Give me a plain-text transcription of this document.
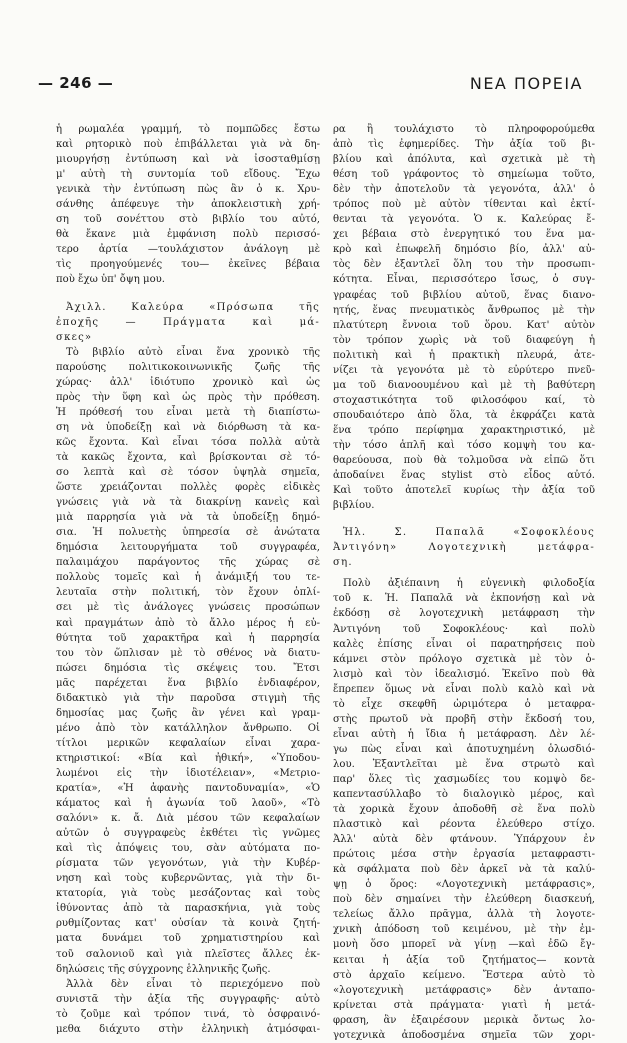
— 246 —	ΝΕΑ ΠΟΡΕΙΑ
ἡ ρωμαλέα γραμμή, τὸ πομπῶδες ἔστω
καὶ ρητορικὸ ποὺ ἐπιβάλλεται γιὰ νὰ δη-
μιουργήσῃ ἐντύπωση καὶ νὰ ἰσοσταθμίσῃ
μ' αὐτὴ τὴ συντομία τοῦ εἴδους. Ἔχω
γενικὰ τὴν ἐντύπωση πὼς ἂν ὁ κ. Χρυ-
σάνθης ἀπέφευγε τὴν ἀποκλειστικὴ χρή-
ση τοῦ σονέττου στὸ βιβλίο του αὐτό,
θὰ ἔκανε μιὰ ἐμφάνιση πολὺ περισσό-
τερο ἀρτία —τουλάχιστον ἀνάλογη μὲ
τὶς προηγούμενές του— ἐκεῖνες βέβαια
ποὺ ἔχω ὑπ' ὄψη μου.
Ἀχιλλ. Καλεύρα «Πρόσωπα τῆς
ἐποχῆς — Πράγματα καὶ μά-
σκες»
Τὸ βιβλίο αὐτὸ εἶναι ἕνα χρονικὸ τῆς
παρούσης πολιτικοκοινωνικῆς ζωῆς τῆς
χώρας· ἀλλ' ἰδιότυπο χρονικὸ καὶ ὡς
πρὸς τὴν ὕφη καὶ ὡς πρὸς τὴν πρόθεση.
Ἡ πρόθεσή του εἶναι μετὰ τὴ διαπίστω-
ση νὰ ὑποδείξῃ καὶ νὰ διόρθωση τὰ κα-
κῶς ἔχοντα. Καὶ εἶναι τόσα πολλὰ αὐτὰ
τὰ κακῶς ἔχοντα, καὶ βρίσκονται σὲ τό-
σο λεπτὰ καὶ σὲ τόσον ὑψηλὰ σημεῖα,
ὥστε χρειάζονται πολλὲς φορὲς εἰδικὲς
γνώσεις γιὰ νὰ τὰ διακρίνῃ κανεὶς καὶ
μιὰ παρρησία γιὰ νὰ τὰ ὑποδείξῃ δημό-
σια. Ἡ πολυετὴς ὑπηρεσία σὲ ἀνώτατα
δημόσια λειτουργήματα τοῦ συγγραφέα,
παλαιμάχου παράγοντος τῆς χώρας σὲ
πολλοὺς τομεῖς καὶ ἡ ἀνάμιξή του τε-
λευταῖα στὴν πολιτική, τὸν ἔχουν ὁπλί-
σει μὲ τὶς ἀνάλογες γνώσεις προσώπων
καὶ πραγμάτων ἀπὸ τὸ ἄλλο μέρος ἡ εὐ-
θύτητα τοῦ χαρακτῆρα καὶ ἡ παρρησία
του τὸν ὥπλισαν μὲ τὸ σθένος νὰ διατυ-
πώσει δημόσια τὶς σκέψεις του. Ἔτσι
μᾶς παρέχεται ἕνα βιβλίο ἐνδιαφέρον,
διδακτικὸ γιὰ τὴν παροῦσα στιγμὴ τῆς
δημοσίας μας ζωῆς ἂν γένει καὶ γραμ-
μένο ἀπὸ τὸν κατάλληλον ἄνθρωπο. Οἱ
τίτλοι μερικῶν κεφαλαίων εἶναι χαρα-
κτηριστικοί: «Βία καὶ ἠθική», «Ὑποδου-
λωμένοι εἰς τὴν ἰδιοτέλειαν», «Μετριο-
κρατία», «Ἡ ἀφανὴς παντοδυναμία», «Ὁ
κάματος καὶ ἡ ἀγωνία τοῦ λαοῦ», «Τὸ
σαλόνι» κ. ἄ. Διὰ μέσου τῶν κεφαλαίων
αὐτῶν ὁ συγγραφεὺς ἐκθέτει τὶς γνῶμες
καὶ τὶς ἀπόψεις του, σὰν αὐτόματα πο-
ρίσματα τῶν γεγονότων, γιὰ τὴν Κυβέρ-
νηση καὶ τοὺς κυβερνῶντας, γιὰ τὴν δι-
κτατορία, γιὰ τοὺς μεσάζοντας καὶ τοὺς
ἰθύνοντας ἀπὸ τὰ παρασκήνια, γιὰ τοὺς
ρυθμίζοντας κατ' οὐσίαν τὰ κοινὰ ζητή-
ματα δυνάμει τοῦ χρηματιστηρίου καὶ
τοῦ σαλονιοῦ καὶ γιὰ πλεῖστες ἄλλες ἐκ-
δηλώσεις τῆς σύγχρονης ἑλληνικῆς ζωῆς.
Ἀλλὰ δὲν εἶναι τὸ περιεχόμενο ποὺ
συνιστᾶ τὴν ἀξία τῆς συγγραφῆς· αὐτὸ
τὸ ζοῦμε καὶ τρόπον τινά, τὸ ὁσφραινό-
μεθα διάχυτο στὴν ἑλληνικὴ ἀτμόσφαι-
ρα ἢ τουλάχιστο τὸ πληροφορούμεθα
ἀπὸ τὶς ἐφημερίδες. Τὴν ἀξία τοῦ βι-
βλίου καὶ ἀπόλυτα, καὶ σχετικὰ μὲ τὴ
θέση τοῦ γράφοντος τὸ σημείωμα τοῦτο,
δὲν τὴν ἀποτελοῦν τὰ γεγονότα, ἀλλ' ὁ
τρόπος ποὺ μὲ αὐτὸν τίθενται καὶ ἐκτί-
θενται τὰ γεγονότα. Ὁ κ. Καλεύρας ἔ-
χει βέβαια στὸ ἐνεργητικό του ἕνα μα-
κρὸ καὶ ἐπωφελῆ δημόσιο βίο, ἀλλ' αὐ-
τὸς δὲν ἐξαντλεῖ ὅλη του τὴν προσωπι-
κότητα. Εἶναι, περισσότερο ἴσως, ὁ συγ-
γραφέας τοῦ βιβλίου αὐτοῦ, ἕνας διανο-
ητής, ἕνας πνευματικὸς ἄνθρωπος μὲ τὴν
πλατύτερη ἔννοια τοῦ ὅρου. Κατ' αὐτὸν
τὸν τρόπον χωρὶς νὰ τοῦ διαφεύγη ἡ
πολιτικὴ καὶ ἡ πρακτικὴ πλευρά, ἀτε-
νίζει τὰ γεγονότα μὲ τὸ εὐρύτερο πνεῦ-
μα τοῦ διανοουμένου καὶ μὲ τὴ βαθύτερη
στοχαστικότητα τοῦ φιλοσόφου καί, τὸ
σπουδαιότερο ἀπὸ ὅλα, τὰ ἐκφράζει κατὰ
ἕνα τρόπο περίφημα χαρακτηριστικό, μὲ
τὴν τόσο ἁπλῆ καὶ τόσο κομψὴ του κα-
θαρεύουσα, ποὺ θὰ τολμοῦσα νὰ εἰπῶ ὅτι
ἀποδαίνει ἕνας stylist στὸ εἶδος αὐτό.
Καὶ τοῦτο ἀποτελεῖ κυρίως τὴν ἀξία τοῦ
βιβλίου.
Ἠλ. Σ. Παπαλᾶ «Σοφοκλέους
Ἀντιγόνη» Λογοτεχνικὴ μετάφρα-
ση.
Πολὺ ἀξιέπαινη ἡ εὐγενικὴ φιλοδοξία
τοῦ κ. Ἡ. Παπαλᾶ νὰ ἐκπονήσῃ καὶ νὰ
ἐκδόσῃ σὲ λογοτεχνικὴ μετάφραση τὴν
Ἀντιγόνη τοῦ Σοφοκλέους· καὶ πολὺ
καλὲς ἐπίσης εἶναι οἱ παρατηρήσεις ποὺ
κάμνει στὸν πρόλογο σχετικὰ μὲ τὸν ὁ-
λισμὸ καὶ τὸν ἰδεαλισμό. Ἐκεῖνο ποὺ θὰ
ἔπρεπεν ὅμως νὰ εἶναι πολὺ καλὸ καὶ νὰ
τὸ εἶχε σκεφθῆ ὡριμότερα ὁ μεταφρα-
στὴς πρωτοῦ νὰ προβῆ στὴν ἔκδοσή του,
εἶναι αὐτὴ ἡ ἴδια ἡ μετάφραση. Δὲν λέ-
γω πὼς εἶναι καὶ ἀποτυχημένη ὁλωσδιό-
λου. Ἐξαντλεῖται μὲ ἕνα στρωτὸ καὶ
παρ' ὅλες τὶς χασμωδίες του κομψὸ δε-
καπεντασύλλαβο τὸ διαλογικὸ μέρος, καὶ
τὰ χορικὰ ἔχουν ἀποδοθῆ σὲ ἕνα πολὺ
πλαστικὸ καὶ ρέοντα ἐλεύθερο στίχο.
Ἀλλ' αὐτὰ δὲν φτάνουν. Ὑπάρχουν ἐν
πρώτοις μέσα στὴν ἐργασία μεταφραστι-
κὰ σφάλματα ποὺ δὲν ἀρκεῖ νὰ τὰ καλύ-
ψῃ ὁ ὅρος: «Λογοτεχνικὴ μετάφρασις»,
ποὺ δὲν σημαίνει τὴν ἐλεύθερη διασκευή,
τελείως ἄλλο πρᾶγμα, ἀλλὰ τὴ λογοτε-
χνικὴ ἀπόδοση τοῦ κειμένου, μὲ τὴν ἐμ-
μονὴ ὅσο μπορεῖ νὰ γίνῃ —καὶ ἐδῶ ἔγ-
κειται ἡ ἀξία τοῦ ζητήματος— κοντὰ
στὸ ἀρχαῖο κείμενο. Ἔστερα αὐτὸ τὸ
«λογοτεχνικὴ μετάφρασις» δὲν ἀνταπο-
κρίνεται στὰ πράγματα· γιατὶ ἡ μετά-
φραση, ἂν ἐξαιρέσουν μερικὰ ὄντως λο-
γοτεχνικὰ ἀποδοσμένα σημεῖα τῶν χορι-
